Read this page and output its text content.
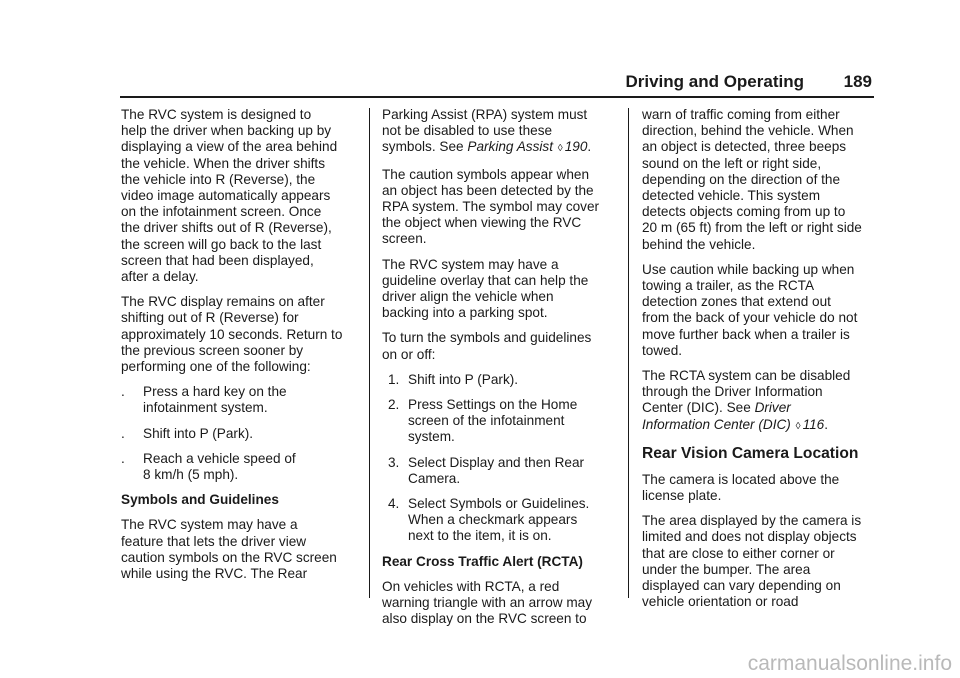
Driving and Operating 189

The RVC system is designed to
help the driver when backing up by
displaying a view of the area behind
the vehicle. When the driver shifts
the vehicle into R (Reverse), the
video image automatically appears
on the infotainment screen. Once
the driver shifts out of R (Reverse),
the screen will go back to the last
screen that had been displayed,
after a delay.

The RVC display remains on after
shifting out of R (Reverse) for
approximately 10 seconds. Return to
the previous screen sooner by
performing one of the following:

.	Press a hard key on the
infotainment system.
.	Shift into P (Park).
.	Reach a vehicle speed of
8 km/h (5 mph).
Symbols and Guidelines

The RVC system may have a
feature that lets the driver view
caution symbols on the RVC screen
while using the RVC. The Rear

Parking Assist (RPA) system must
not be disabled to use these
symbols. See Parking Assist ◊ 190.

The caution symbols appear when
an object has been detected by the
RPA system. The symbol may cover
the object when viewing the RVC
screen.

The RVC system may have a
guideline overlay that can help the
driver align the vehicle when
backing into a parking spot.

To turn the symbols and guidelines
on or off:

1. Shift into P (Park).
2. Press Settings on the Home
screen of the infotainment
system.
3. Select Display and then Rear
Camera.
4. Select Symbols or Guidelines.
When a checkmark appears
next to the item, it is on.
Rear Cross Traffic Alert (RCTA)

On vehicles with RCTA, a red
warning triangle with an arrow may
also display on the RVC screen to

warn of traffic coming from either
direction, behind the vehicle. When
an object is detected, three beeps
sound on the left or right side,
depending on the direction of the
detected vehicle. This system
detects objects coming from up to
20 m (65 ft) from the left or right side
behind the vehicle.

Use caution while backing up when
towing a trailer, as the RCTA
detection zones that extend out
from the back of your vehicle do not
move further back when a trailer is
towed.

The RCTA system can be disabled
through the Driver Information
Center (DIC). See Driver
Information Center (DIC) ◊ 116.

Rear Vision Camera Location

The camera is located above the
license plate.

The area displayed by the camera is
limited and does not display objects
that are close to either corner or
under the bumper. The area
displayed can vary depending on
vehicle orientation or road

carmanualsonline.info
